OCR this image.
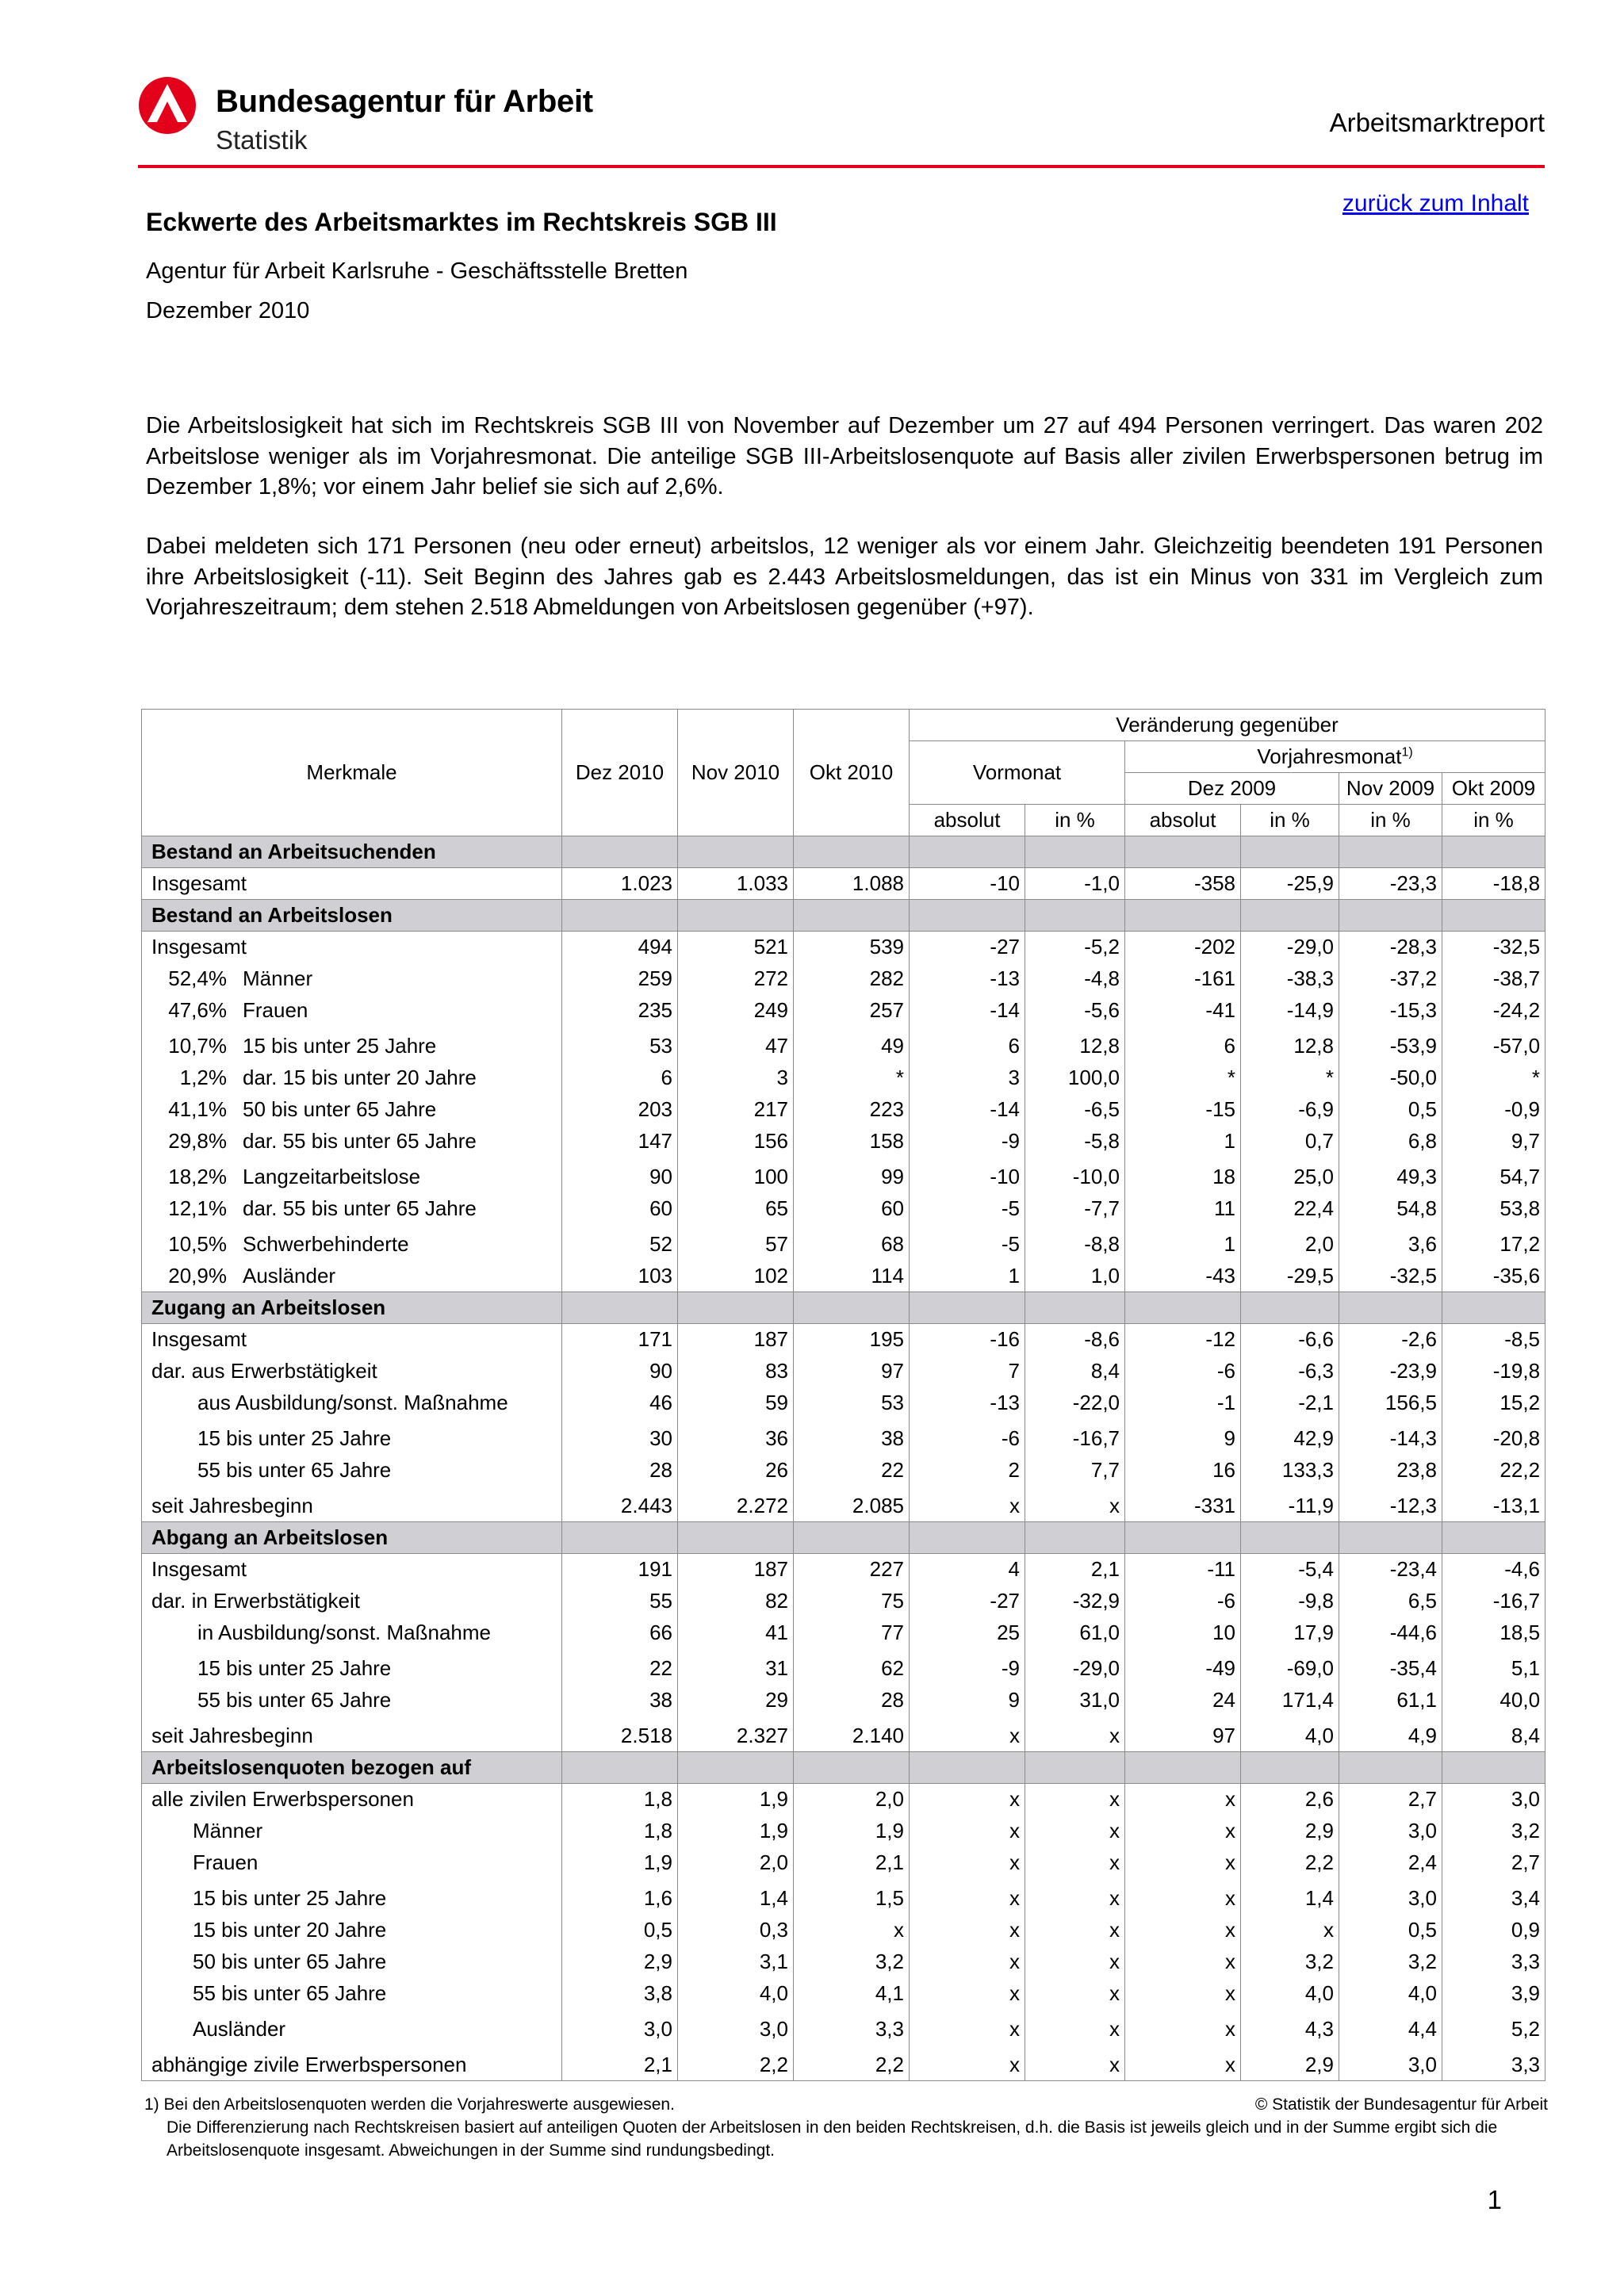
Bundesagentur für Arbeit
Statistik
Arbeitsmarktreport
zurück zum Inhalt
Eckwerte des Arbeitsmarktes im Rechtskreis SGB III
Agentur für Arbeit Karlsruhe - Geschäftsstelle Bretten
Dezember 2010

Die Arbeitslosigkeit hat sich im Rechtskreis SGB III von November auf Dezember um 27 auf 494 Personen verringert. Das waren 202 Arbeitslose weniger als im Vorjahresmonat. Die anteilige SGB III-Arbeitslosenquote auf Basis aller zivilen Erwerbspersonen betrug im Dezember 1,8%; vor einem Jahr belief sie sich auf 2,6%.

Dabei meldeten sich 171 Personen (neu oder erneut) arbeitslos, 12 weniger als vor einem Jahr. Gleichzeitig beendeten 191 Personen ihre Arbeitslosigkeit (-11). Seit Beginn des Jahres gab es 2.443 Arbeitslosmeldungen, das ist ein Minus von 331 im Vergleich zum Vorjahreszeitraum; dem stehen 2.518 Abmeldungen von Arbeitslosen gegenüber (+97).

Merkmale	Dez 2010	Nov 2010	Okt 2010	Veränderung gegenüber					
				Vormonat		Vorjahresmonat$^{1)}$
						Dez 2009		Nov 2009	Okt 2009
				absolut	in %	absolut	in %	in %	in %
Bestand an Arbeitsuchenden									
Insgesamt	1.023	1.033	1.088	-10	-1,0	-358	-25,9	-23,3	-18,8
Bestand an Arbeitslosen									
Insgesamt	494	521	539	-27	-5,2	-202	-29,0	-28,3	-32,5
52,4% Männer	259	272	282	-13	-4,8	-161	-38,3	-37,2	-38,7
47,6% Frauen	235	249	257	-14	-5,6	-41	-14,9	-15,3	-24,2
10,7% 15 bis unter 25 Jahre	53	47	49	6	12,8	6	12,8	-53,9	-57,0
1,2% dar. 15 bis unter 20 Jahre	6	3	*	3	100,0	*	*	-50,0	*
41,1% 50 bis unter 65 Jahre	203	217	223	-14	-6,5	-15	-6,9	0,5	-0,9
29,8% dar. 55 bis unter 65 Jahre	147	156	158	-9	-5,8	1	0,7	6,8	9,7
18,2% Langzeitarbeitslose	90	100	99	-10	-10,0	18	25,0	49,3	54,7
12,1% dar. 55 bis unter 65 Jahre	60	65	60	-5	-7,7	11	22,4	54,8	53,8
10,5% Schwerbehinderte	52	57	68	-5	-8,8	1	2,0	3,6	17,2
20,9% Ausländer	103	102	114	1	1,0	-43	-29,5	-32,5	-35,6
Zugang an Arbeitslosen									
Insgesamt	171	187	195	-16	-8,6	-12	-6,6	-2,6	-8,5
dar. aus Erwerbstätigkeit	90	83	97	7	8,4	-6	-6,3	-23,9	-19,8
aus Ausbildung/sonst. Maßnahme	46	59	53	-13	-22,0	-1	-2,1	156,5	15,2
15 bis unter 25 Jahre	30	36	38	-6	-16,7	9	42,9	-14,3	-20,8
55 bis unter 65 Jahre	28	26	22	2	7,7	16	133,3	23,8	22,2
seit Jahresbeginn	2.443	2.272	2.085	x	x	-331	-11,9	-12,3	-13,1
Abgang an Arbeitslosen									
Insgesamt	191	187	227	4	2,1	-11	-5,4	-23,4	-4,6
dar. in Erwerbstätigkeit	55	82	75	-27	-32,9	-6	-9,8	6,5	-16,7
in Ausbildung/sonst. Maßnahme	66	41	77	25	61,0	10	17,9	-44,6	18,5
15 bis unter 25 Jahre	22	31	62	-9	-29,0	-49	-69,0	-35,4	5,1
55 bis unter 65 Jahre	38	29	28	9	31,0	24	171,4	61,1	40,0
seit Jahresbeginn	2.518	2.327	2.140	x	x	97	4,0	4,9	8,4
Arbeitslosenquoten bezogen auf									
alle zivilen Erwerbspersonen	1,8	1,9	2,0	x	x	x	2,6	2,7	3,0
Männer	1,8	1,9	1,9	x	x	x	2,9	3,0	3,2
Frauen	1,9	2,0	2,1	x	x	x	2,2	2,4	2,7
15 bis unter 25 Jahre	1,6	1,4	1,5	x	x	x	1,4	3,0	3,4
15 bis unter 20 Jahre	0,5	0,3	x	x	x	x	x	0,5	0,9
50 bis unter 65 Jahre	2,9	3,1	3,2	x	x	x	3,2	3,2	3,3
55 bis unter 65 Jahre	3,8	4,0	4,1	x	x	x	4,0	4,0	3,9
Ausländer	3,0	3,0	3,3	x	x	x	4,3	4,4	5,2
abhängige zivile Erwerbspersonen	2,1	2,2	2,2	x	x	x	2,9	3,0	3,3
1) Bei den Arbeitslosenquoten werden die Vorjahreswerte ausgewiesen.	© Statistik der Bundesagentur für Arbeit
Die Differenzierung nach Rechtskreisen basiert auf anteiligen Quoten der Arbeitslosen in den beiden Rechtskreisen, d.h. die Basis ist jeweils gleich und in der Summe ergibt sich die Arbeitslosenquote insgesamt. Abweichungen in der Summe sind rundungsbedingt.
1
